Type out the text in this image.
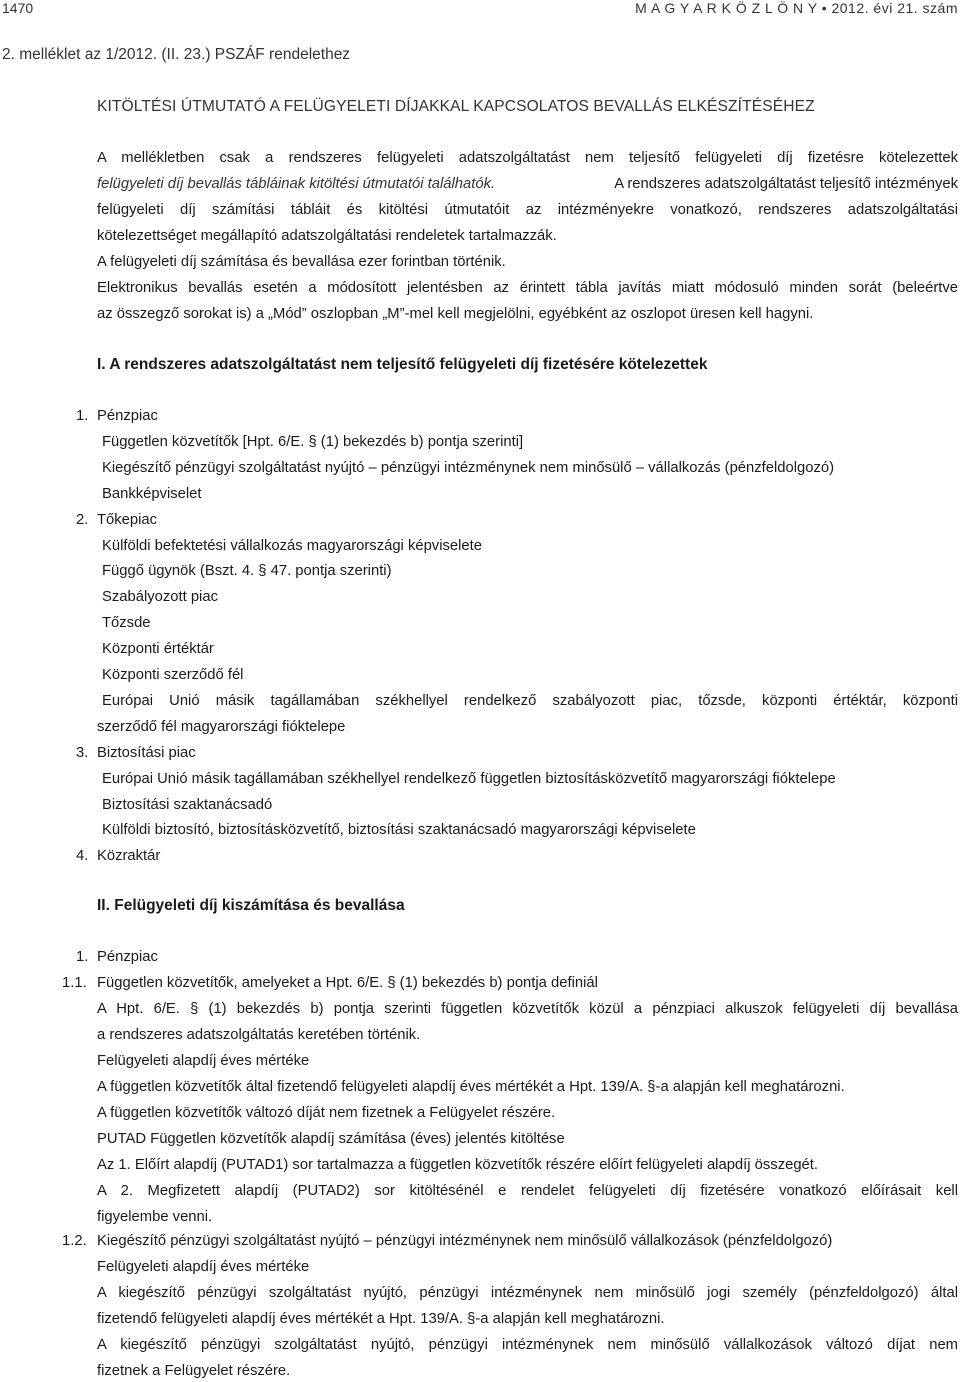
1470	M A G Y A R K Ö Z L Ö N Y • 2012. évi 21. szám
2. melléklet az 1/2012. (II. 23.) PSZÁF rendelethez
KITÖLTÉSI ÚTMUTATÓ A FELÜGYELETI DÍJAKKAL KAPCSOLATOS BEVALLÁS ELKÉSZÍTÉSÉHEZ
A mellékletben csak a rendszeres felügyeleti adatszolgáltatást nem teljesítő felügyeleti díj fizetésre kötelezettek
felügyeleti díj bevallás tábláinak kitöltési útmutatói találhatók.	A rendszeres adatszolgáltatást teljesítő intézmények
felügyeleti díj számítási tábláit és kitöltési útmutatóit az intézményekre vonatkozó, rendszeres adatszolgáltatási
kötelezettséget megállapító adatszolgáltatási rendeletek tartalmazzák.
A felügyeleti díj számítása és bevallása ezer forintban történik.
Elektronikus bevallás esetén a módosított jelentésben az érintett tábla javítás miatt módosuló minden sorát (beleértve
az összegző sorokat is) a „Mód” oszlopban „M”-mel kell megjelölni, egyébként az oszlopot üresen kell hagyni.
I. A rendszeres adatszolgáltatást nem teljesítő felügyeleti díj fizetésére kötelezettek
1. Pénzpiac
Független közvetítők [Hpt. 6/E. § (1) bekezdés b) pontja szerinti]
Kiegészítő pénzügyi szolgáltatást nyújtó – pénzügyi intézménynek nem minősülő – vállalkozás (pénzfeldolgozó)
Bankképviselet
2. Tőkepiac
Külföldi befektetési vállalkozás magyarországi képviselete
Függő ügynök (Bszt. 4. § 47. pontja szerinti)
Szabályozott piac
Tőzsde
Központi értéktár
Központi szerződő fél
Európai Unió másik tagállamában székhellyel rendelkező szabályozott piac, tőzsde, központi értéktár, központi
szerződő fél magyarországi fióktelepe
3. Biztosítási piac
Európai Unió másik tagállamában székhellyel rendelkező független biztosításközvetítő magyarországi fióktelepe
Biztosítási szaktanácsadó
Külföldi biztosító, biztosításközvetítő, biztosítási szaktanácsadó magyarországi képviselete
4. Közraktár
II. Felügyeleti díj kiszámítása és bevallása
1. Pénzpiac
1.1. Független közvetítők, amelyeket a Hpt. 6/E. § (1) bekezdés b) pontja definiál
A Hpt. 6/E. § (1) bekezdés b) pontja szerinti független közvetítők közül a pénzpiaci alkuszok felügyeleti díj bevallása
a rendszeres adatszolgáltatás keretében történik.
Felügyeleti alapdíj éves mértéke
A független közvetítők által fizetendő felügyeleti alapdíj éves mértékét a Hpt. 139/A. §-a alapján kell meghatározni.
A független közvetítők változó díját nem fizetnek a Felügyelet részére.
PUTAD Független közvetítők alapdíj számítása (éves) jelentés kitöltése
Az 1. Előírt alapdíj (PUTAD1) sor tartalmazza a független közvetítők részére előírt felügyeleti alapdíj összegét.
A 2. Megfizetett alapdíj (PUTAD2) sor kitöltésénél e rendelet felügyeleti díj fizetésére vonatkozó előírásait kell
figyelembe venni.
1.2. Kiegészítő pénzügyi szolgáltatást nyújtó – pénzügyi intézménynek nem minősülő vállalkozások (pénzfeldolgozó)
Felügyeleti alapdíj éves mértéke
A kiegészítő pénzügyi szolgáltatást nyújtó, pénzügyi intézménynek nem minősülő jogi személy (pénzfeldolgozó) által
fizetendő felügyeleti alapdíj éves mértékét a Hpt. 139/A. §-a alapján kell meghatározni.
A kiegészítő pénzügyi szolgáltatást nyújtó, pénzügyi intézménynek nem minősülő vállalkozások változó díjat nem
fizetnek a Felügyelet részére.
